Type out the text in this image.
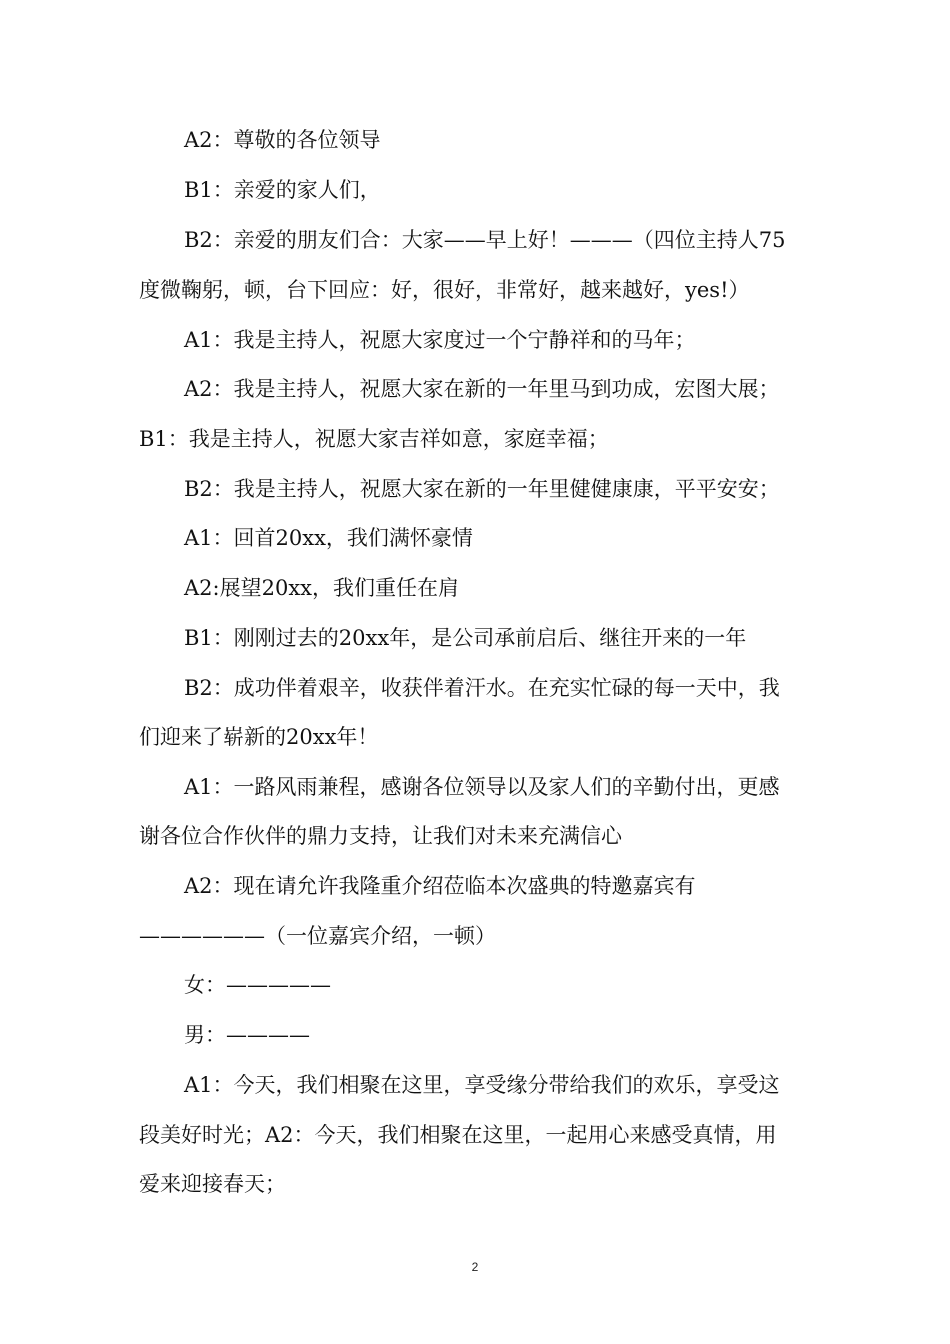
A2：尊敬的各位领导
B1：亲爱的家人们，
B2：亲爱的朋友们合：大家——早上好！———（四位主持人75
度微鞠躬，顿，台下回应：好，很好，非常好，越来越好，yes!）
A1：我是主持人，祝愿大家度过一个宁静祥和的马年；
A2：我是主持人，祝愿大家在新的一年里马到功成，宏图大展；
B1：我是主持人，祝愿大家吉祥如意，家庭幸福；
B2：我是主持人，祝愿大家在新的一年里健健康康，平平安安；
A1：回首20xx，我们满怀豪情
A2:展望20xx，我们重任在肩
B1：刚刚过去的20xx年，是公司承前启后、继往开来的一年
B2：成功伴着艰辛，收获伴着汗水。在充实忙碌的每一天中，我
们迎来了崭新的20xx年！
A1：一路风雨兼程，感谢各位领导以及家人们的辛勤付出，更感
谢各位合作伙伴的鼎力支持，让我们对未来充满信心
A2：现在请允许我隆重介绍莅临本次盛典的特邀嘉宾有
——————（一位嘉宾介绍，一顿）
女：—————
男：————
A1：今天，我们相聚在这里，享受缘分带给我们的欢乐，享受这
段美好时光；A2：今天，我们相聚在这里，一起用心来感受真情，用
爱来迎接春天；
2
